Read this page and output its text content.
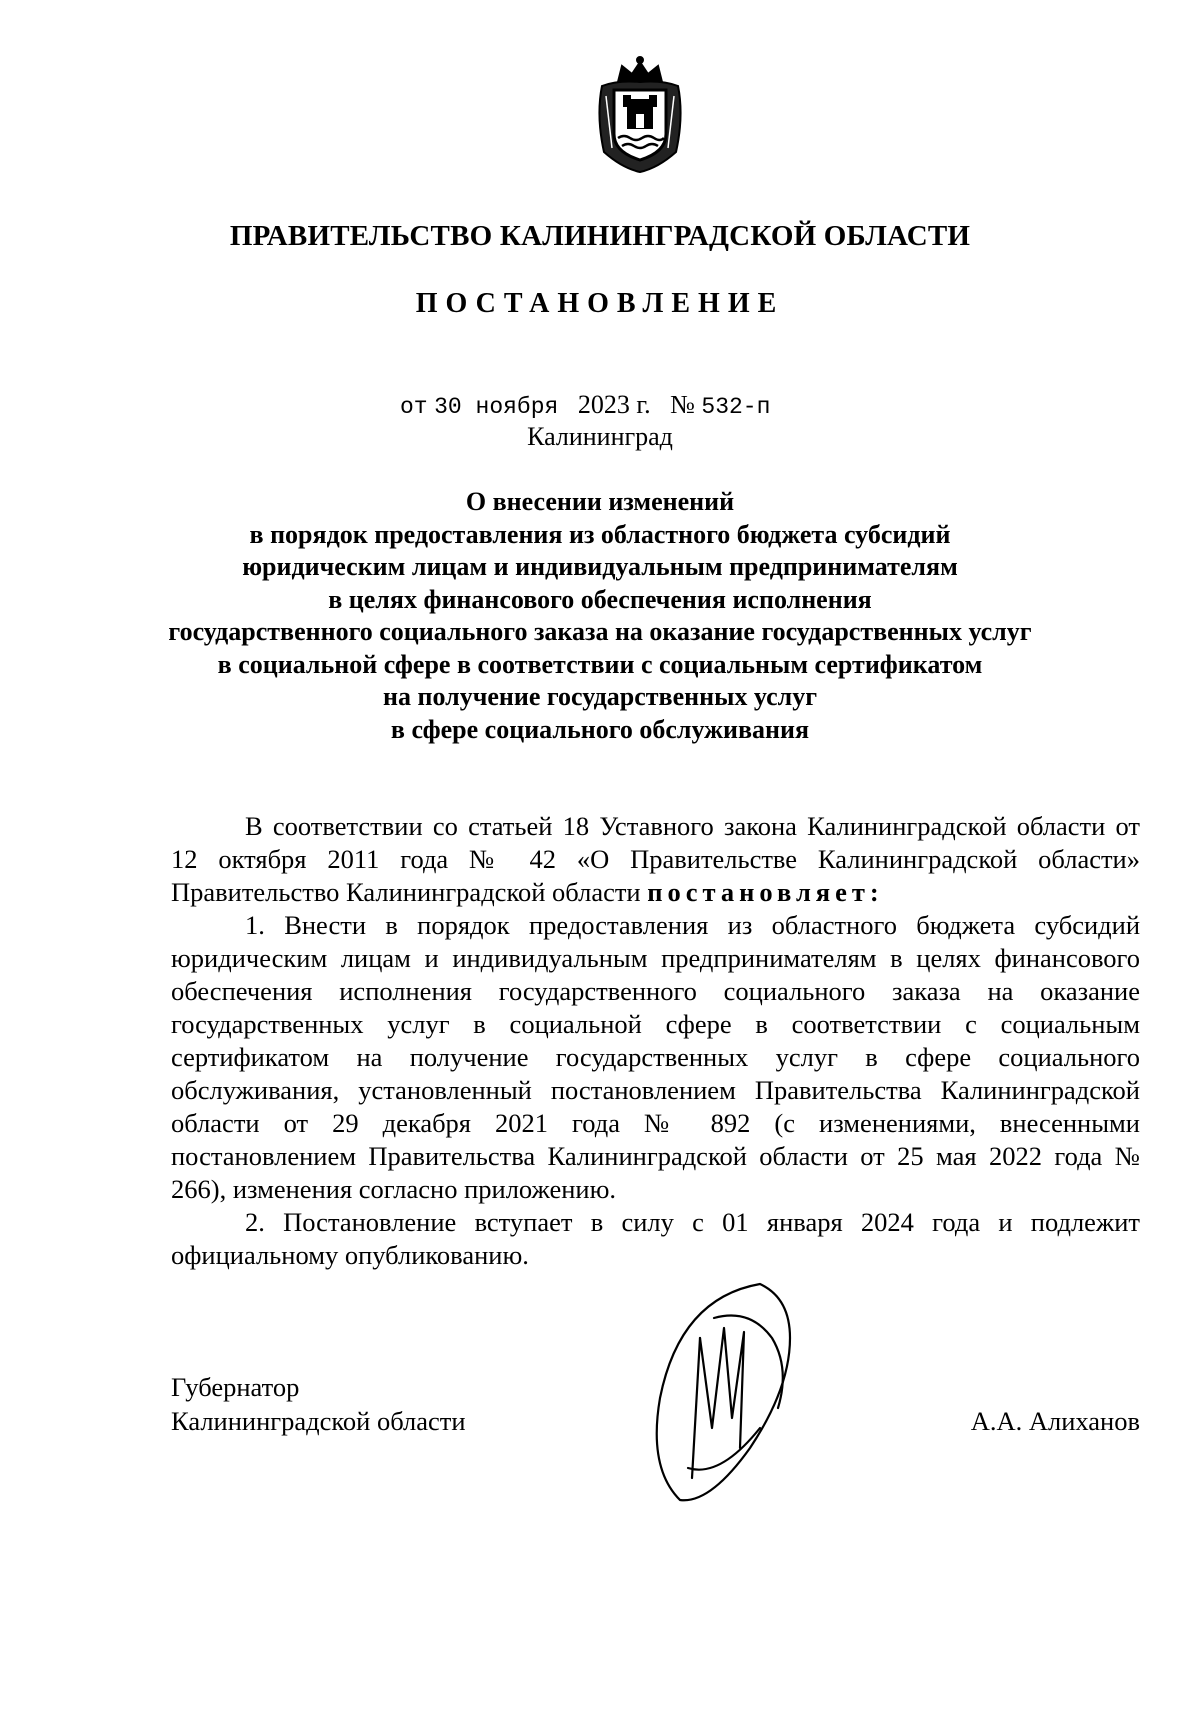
ПРАВИТЕЛЬСТВО КАЛИНИНГРАДСКОЙ ОБЛАСТИ
ПОСТАНОВЛЕНИЕ
от 30 ноября 2023 г. № 532-п
Калининград
О внесении изменений
в порядок предоставления из областного бюджета субсидий
юридическим лицам и индивидуальным предпринимателям
в целях финансового обеспечения исполнения
государственного социального заказа на оказание государственных услуг
в социальной сфере в соответствии с социальным сертификатом
на получение государственных услуг
в сфере социального обслуживания

В соответствии со статьей 18 Уставного закона Калининградской области от 12 октября 2011 года № 42 «О Правительстве Калининградской области» Правительство Калининградской области постановляет:

1. Внести в порядок предоставления из областного бюджета субсидий юридическим лицам и индивидуальным предпринимателям в целях финансового обеспечения исполнения государственного социального заказа на оказание государственных услуг в социальной сфере в соответствии с социальным сертификатом на получение государственных услуг в сфере социального обслуживания, установленный постановлением Правительства Калининградской области от 29 декабря 2021 года № 892 (с изменениями, внесенными постановлением Правительства Калининградской области от 25 мая 2022 года № 266), изменения согласно приложению.

2. Постановление вступает в силу с 01 января 2024 года и подлежит официальному опубликованию.

Губернатор
Калининградской области	А.А. Алиханов
